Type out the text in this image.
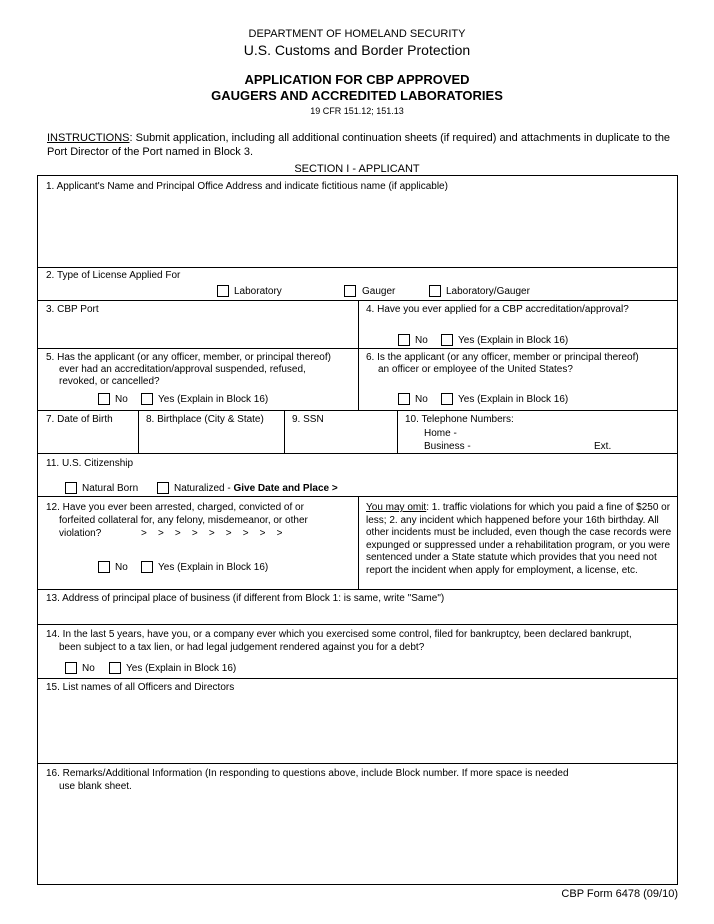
DEPARTMENT OF HOMELAND SECURITY
U.S. Customs and Border Protection
APPLICATION FOR CBP APPROVED
GAUGERS AND ACCREDITED LABORATORIES
19 CFR 151.12; 151.13
INSTRUCTIONS: Submit application, including all additional continuation sheets (if required) and attachments in duplicate to the Port Director of the Port named in Block 3.
SECTION I - APPLICANT
1. Applicant's Name and Principal Office Address and indicate fictitious name (if applicable)
2. Type of License Applied For
Laboratory	Gauger	Laboratory/Gauger
3. CBP Port	4. Have you ever applied for a CBP accreditation/approval?
No	Yes (Explain in Block 16)
5. Has the applicant (or any officer, member, or principal thereof)
ever had an accreditation/approval suspended, refused,
revoked, or cancelled?
No	Yes (Explain in Block 16)
6. Is the applicant (or any officer, member or principal thereof)
an officer or employee of the United States?
No	Yes (Explain in Block 16)
7. Date of Birth	8. Birthplace (City & State)	9. SSN	10. Telephone Numbers:
Home -
Business -	Ext.
11. U.S. Citizenship
Natural Born	Naturalized - Give Date and Place >
12. Have you ever been arrested, charged, convicted of or
forfeited collateral for, any felony, misdemeanor, or other
violation?	>    >    >    >    >    >    >    >    >
No	Yes (Explain in Block 16)
You may omit: 1. traffic violations for which you paid a fine of $250 or less; 2. any incident which happened before your 16th birthday. All other incidents must be included, even though the case records were expunged or suppressed under a rehabilitation program, or you were sentenced under a State statute which provides that you need not report the incident when apply for employment, a license, etc.
13. Address of principal place of business (if different from Block 1: is same, write "Same")
14. In the last 5 years, have you, or a company ever which you exercised some control, filed for bankruptcy, been declared bankrupt,
been subject to a tax lien, or had legal judgement rendered against you for a debt?
No	Yes (Explain in Block 16)
15. List names of all Officers and Directors
16. Remarks/Additional Information (In responding to questions above, include Block number. If more space is needed
use blank sheet.
CBP Form 6478 (09/10)
